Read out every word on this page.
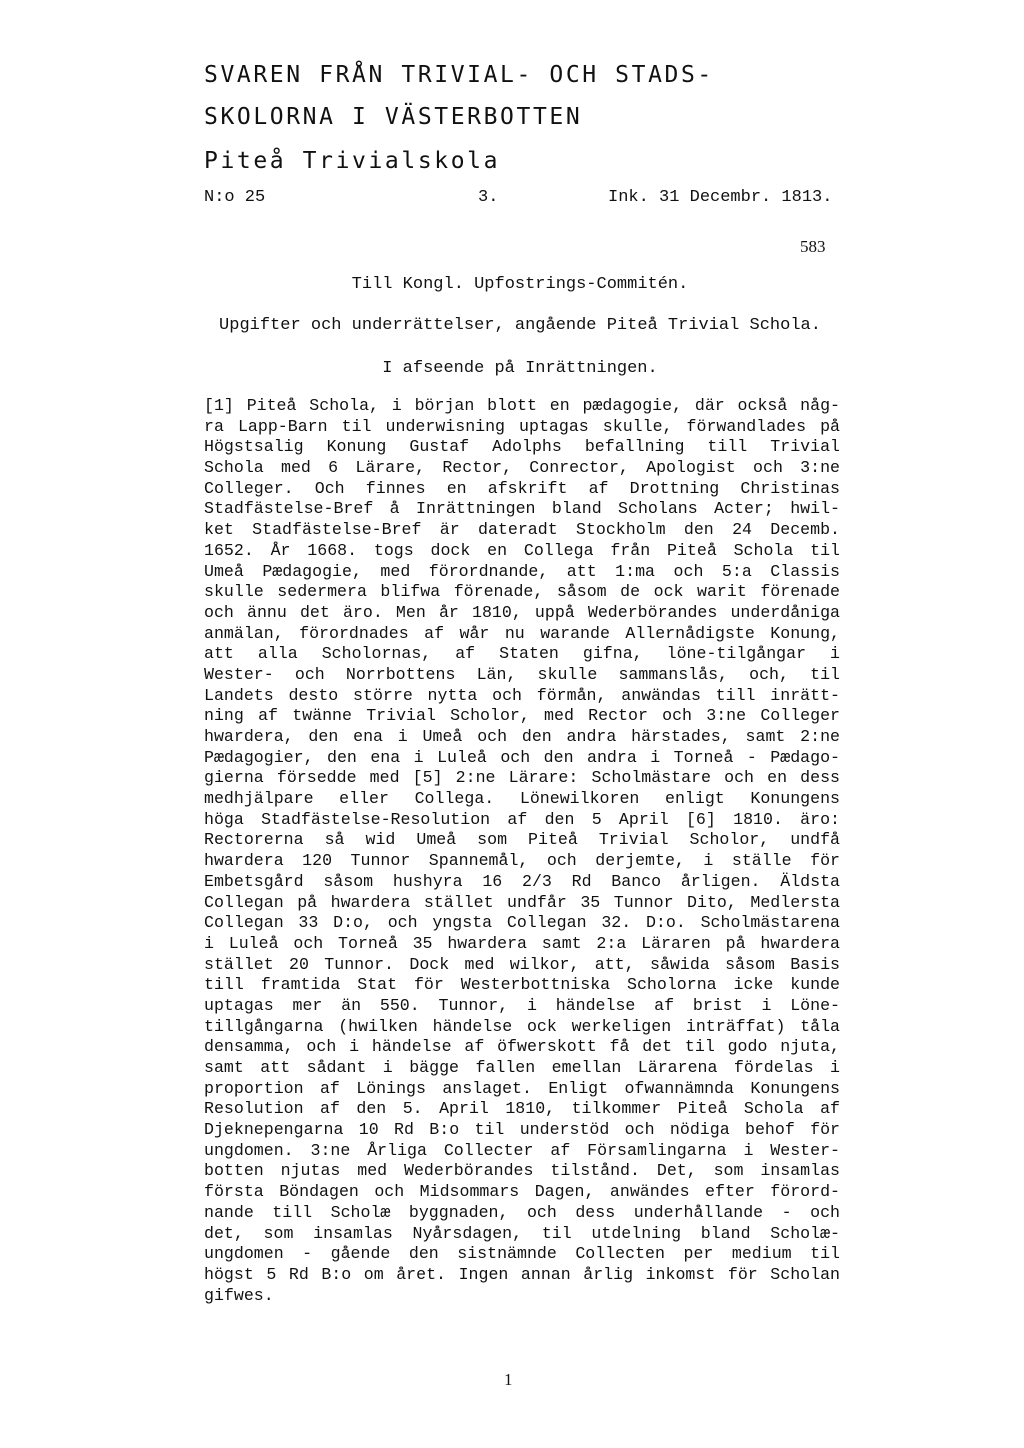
SVAREN FRÅN TRIVIAL- OCH STADS-
SKOLORNA I VÄSTERBOTTEN
Piteå Trivialskola
N:o 25	3.	Ink. 31 Decembr. 1813.
583
Till Kongl. Upfostrings-Commitén.
Upgifter och underrättelser, angående Piteå Trivial Schola.
I afseende på Inrättningen.
[1] Piteå Schola, i början blott en pædagogie, där också någ-
ra Lapp-Barn til underwisning uptagas skulle, förwandlades på
Högstsalig Konung Gustaf Adolphs befallning till Trivial
Schola med 6 Lärare, Rector, Conrector, Apologist och 3:ne
Colleger. Och finnes en afskrift af Drottning Christinas
Stadfästelse-Bref å Inrättningen bland Scholans Acter; hwil-
ket Stadfästelse-Bref är dateradt Stockholm den 24 Decemb.
1652. År 1668. togs dock en Collega från Piteå Schola til
Umeå Pædagogie, med förordnande, att 1:ma och 5:a Classis
skulle sedermera blifwa förenade, såsom de ock warit förenade
och ännu det äro. Men år 1810, uppå Wederbörandes underdåniga
anmälan, förordnades af wår nu warande Allernådigste Konung,
att alla Scholornas, af Staten gifna, löne-tilgångar i
Wester- och Norrbottens Län, skulle sammanslås, och, til
Landets desto större nytta och förmån, anwändas till inrätt-
ning af twänne Trivial Scholor, med Rector och 3:ne Colleger
hwardera, den ena i Umeå och den andra härstades, samt 2:ne
Pædagogier, den ena i Luleå och den andra i Torneå - Pædago-
gierna försedde med [5] 2:ne Lärare: Scholmästare och en dess
medhjälpare eller Collega. Lönewilkoren enligt Konungens
höga Stadfästelse-Resolution af den 5 April [6] 1810. äro:
Rectorerna så wid Umeå som Piteå Trivial Scholor, undfå
hwardera 120 Tunnor Spannemål, och derjemte, i ställe för
Embetsgård såsom hushyra 16 2/3 Rd Banco årligen. Äldsta
Collegan på hwardera stället undfår 35 Tunnor Dito, Medlersta
Collegan 33 D:o, och yngsta Collegan 32. D:o. Scholmästarena
i Luleå och Torneå 35 hwardera samt 2:a Läraren på hwardera
stället 20 Tunnor. Dock med wilkor, att, såwida såsom Basis
till framtida Stat för Westerbottniska Scholorna icke kunde
uptagas mer än 550. Tunnor, i händelse af brist i Löne-
tillgångarna (hwilken händelse ock werkeligen inträffat) tåla
densamma, och i händelse af öfwerskott få det til godo njuta,
samt att sådant i bägge fallen emellan Lärarena fördelas i
proportion af Lönings anslaget. Enligt ofwannämnda Konungens
Resolution af den 5. April 1810, tilkommer Piteå Schola af
Djeknepengarna 10 Rd B:o til understöd och nödiga behof för
ungdomen. 3:ne Årliga Collecter af Församlingarna i Wester-
botten njutas med Wederbörandes tilstånd. Det, som insamlas
första Böndagen och Midsommars Dagen, anwändes efter förord-
nande till Scholæ byggnaden, och dess underhållande - och
det, som insamlas Nyårsdagen, til utdelning bland Scholæ-
ungdomen - gående den sistnämnde Collecten per medium til
högst 5 Rd B:o om året. Ingen annan årlig inkomst för Scholan
gifwes.
1
